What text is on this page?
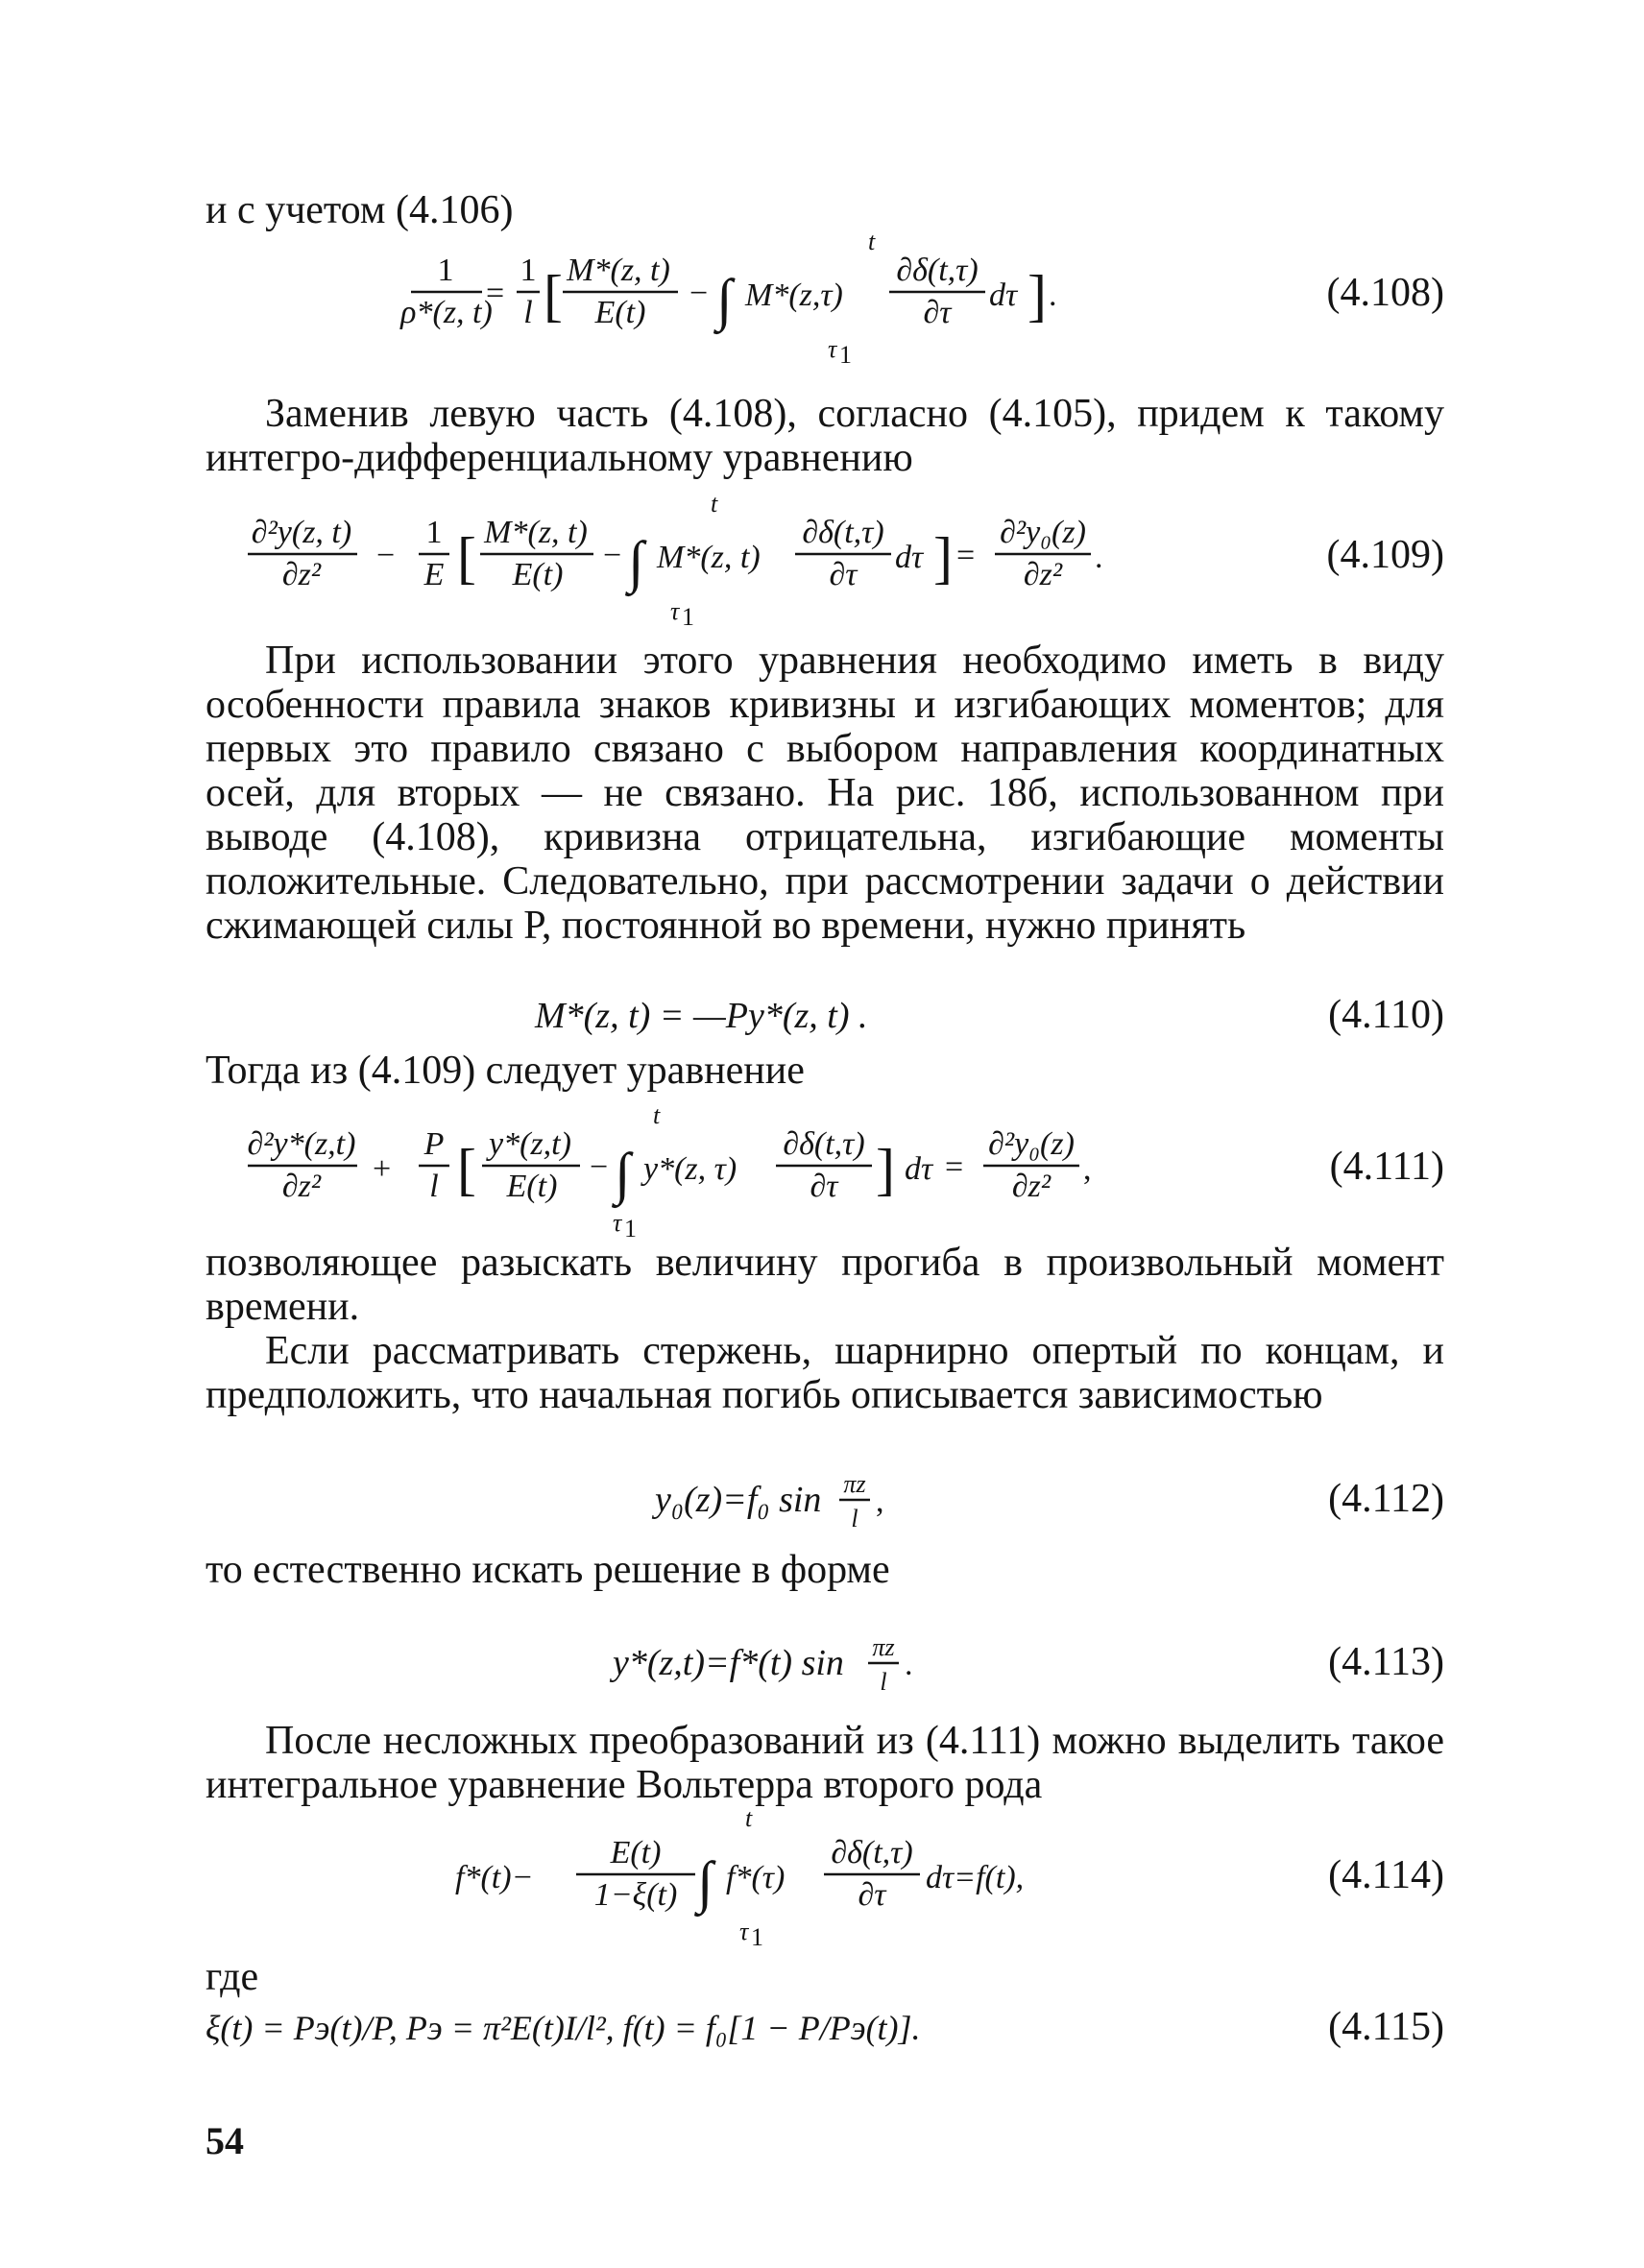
и с учетом (4.106)
t
1
ρ*(z, t)
=
1
l [ M*(z, t)
E(t)
− ∫ M*(z,τ)
∂δ(t,τ)
∂τ dτ ] .
τ 1
(4.108)
Заменив левую часть (4.108), согласно (4.105), придем к такому интегро-дифференциальному уравнению
t
∂²y(z, t)
∂z²
−
1
E [ M*(z, t)
E(t)
− ∫ M*(z, t)
∂δ(t,τ)
∂τ dτ ] =
∂²y₀(z)
∂z² .
τ 1
(4.109)
При использовании этого уравнения необходимо иметь в виду особенности правила знаков кривизны и изгибающих моментов; для первых это правило связано с выбором направления координатных осей, для вторых — не связано. На рис. 18б, использованном при выводе (4.108), кривизна отрицательна, изгибающие моменты положительные. Следовательно, при рассмотрении задачи о действии сжимающей силы P, постоянной во времени, нужно принять
M*(z, t) = —Py*(z, t) .	(4.110)
Тогда из (4.109) следует уравнение
t
∂²y*(z,t)
∂z² +
P
l [ y*(z,t)
E(t)
− ∫ y*(z, τ)
∂δ(t,τ)
∂τ ] dτ =
∂²y₀(z)
∂z² ,
τ 1
(4.111)
позволяющее разыскать величину прогиба в произвольный момент времени.
Если рассматривать стержень, шарнирно опертый по концам, и предположить, что начальная погибь описывается зависимостью
y₀(z)=f₀ sin πz
l ,	(4.112)
то естественно искать решение в форме
y*(z,t)=f*(t) sin πz
l .	(4.113)
После несложных преобразований из (4.111) можно выделить такое интегральное уравнение Вольтерра второго рода
t
f*(t)−
E(t)
1−ξ(t) ∫ f*(τ)
∂δ(t,τ)
∂τ dτ=f(t),
τ 1
(4.114)
где
ξ(t) = Pэ(t)/P, Pэ = π²E(t)I/l², f(t) = f₀[1 − P/Pэ(t)].	(4.115)
54
